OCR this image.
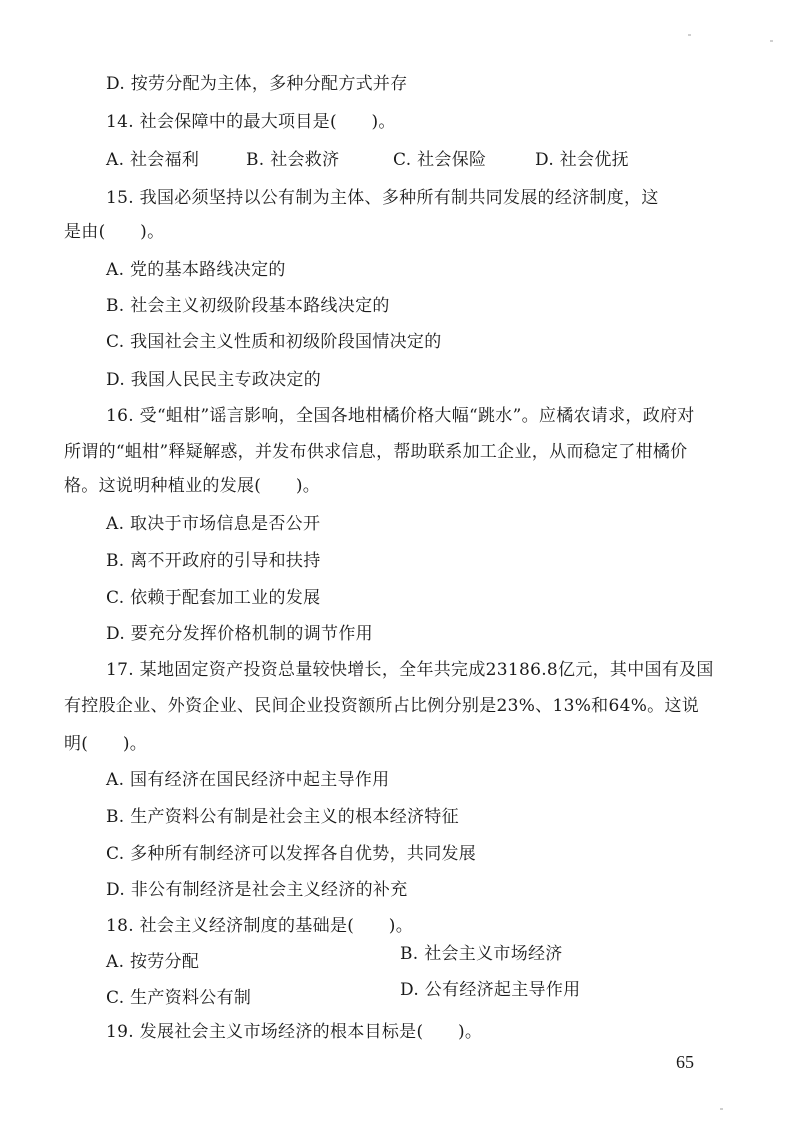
D. 按劳分配为主体，多种分配方式并存
14. 社会保障中的最大项目是(　　)。
A. 社会福利	B. 社会救济	C. 社会保险	D. 社会优抚
15. 我国必须坚持以公有制为主体、多种所有制共同发展的经济制度，这
是由(　　)。
A. 党的基本路线决定的
B. 社会主义初级阶段基本路线决定的
C. 我国社会主义性质和初级阶段国情决定的
D. 我国人民民主专政决定的
16. 受“蛆柑”谣言影响，全国各地柑橘价格大幅“跳水”。应橘农请求，政府对
所谓的“蛆柑”释疑解惑，并发布供求信息，帮助联系加工企业，从而稳定了柑橘价
格。这说明种植业的发展(　　)。
A. 取决于市场信息是否公开
B. 离不开政府的引导和扶持
C. 依赖于配套加工业的发展
D. 要充分发挥价格机制的调节作用
17. 某地固定资产投资总量较快增长，全年共完成23186.8亿元，其中国有及国
有控股企业、外资企业、民间企业投资额所占比例分别是23%、13%和64%。这说
明(　　)。
A. 国有经济在国民经济中起主导作用
B. 生产资料公有制是社会主义的根本经济特征
C. 多种所有制经济可以发挥各自优势，共同发展
D. 非公有制经济是社会主义经济的补充
18. 社会主义经济制度的基础是(　　)。
A. 按劳分配	B. 社会主义市场经济
C. 生产资料公有制	D. 公有经济起主导作用
19. 发展社会主义市场经济的根本目标是(　　)。
65
